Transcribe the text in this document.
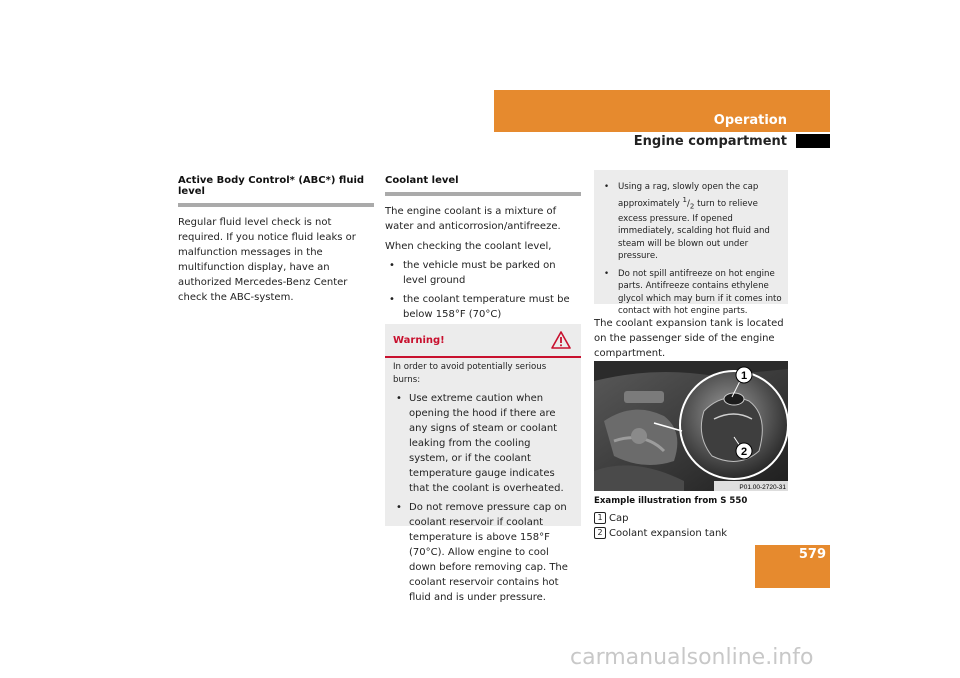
Operation
Engine compartment
Active Body Control* (ABC*) fluid level

Regular fluid level check is not required. If you notice fluid leaks or malfunction messages in the multifunction display, have an authorized Mercedes-Benz Center check the ABC-system.

Coolant level

The engine coolant is a mixture of water and anticorrosion/antifreeze.

When checking the coolant level,

• the vehicle must be parked on level ground
• the coolant temperature must be below 158°F (70°C)
Warning!

In order to avoid potentially serious burns:

• Use extreme caution when opening the hood if there are any signs of steam or coolant leaking from the cooling system, or if the coolant temperature gauge indicates that the coolant is overheated.
• Do not remove pressure cap on coolant reservoir if coolant temperature is above 158°F (70°C). Allow engine to cool down before removing cap. The coolant reservoir contains hot fluid and is under pressure.
• Using a rag, slowly open the cap approximately $^1/_2$ turn to relieve excess pressure. If opened immediately, scalding hot fluid and steam will be blown out under pressure.
• Do not spill antifreeze on hot engine parts. Antifreeze contains ethylene glycol which may burn if it comes into contact with hot engine parts.

The coolant expansion tank is located on the passenger side of the engine compartment.

1
2
P01.00-2720-31
Example illustration from S 550
1 Cap
2 Coolant expansion tank
579
carmanualsonline.info
